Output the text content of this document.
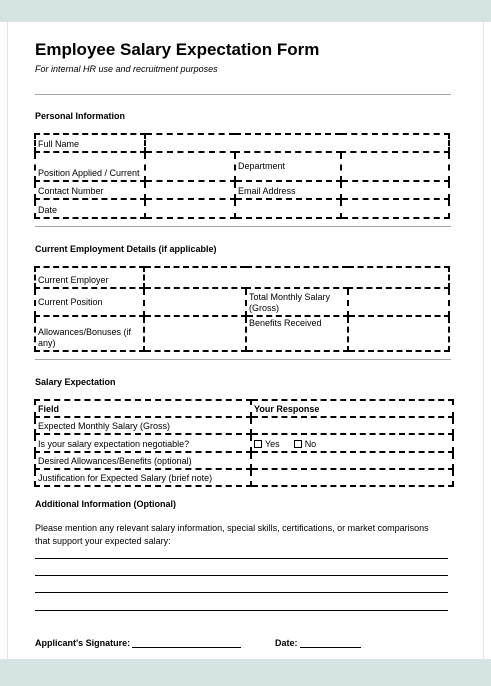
Employee Salary Expectation Form
For internal HR use and recruitment purposes
Personal Information
Full Name			
Position Applied / Current		Department	
Contact Number		Email Address	
Date			
Current Employment Details (if applicable)
Current Employer			
Current Position		Total Monthly Salary (Gross)	
Allowances/Bonuses (if any)		Benefits Received	
Salary Expectation
Field	Your Response
Expected Monthly Salary (Gross)	
Is your salary expectation negotiable?	Yes No
Desired Allowances/Benefits (optional)	
Justification for Expected Salary (brief note)	
Additional Information (Optional)
Please mention any relevant salary information, special skills, certifications, or market comparisons that support your expected salary:
Applicant's Signature:	Date:
